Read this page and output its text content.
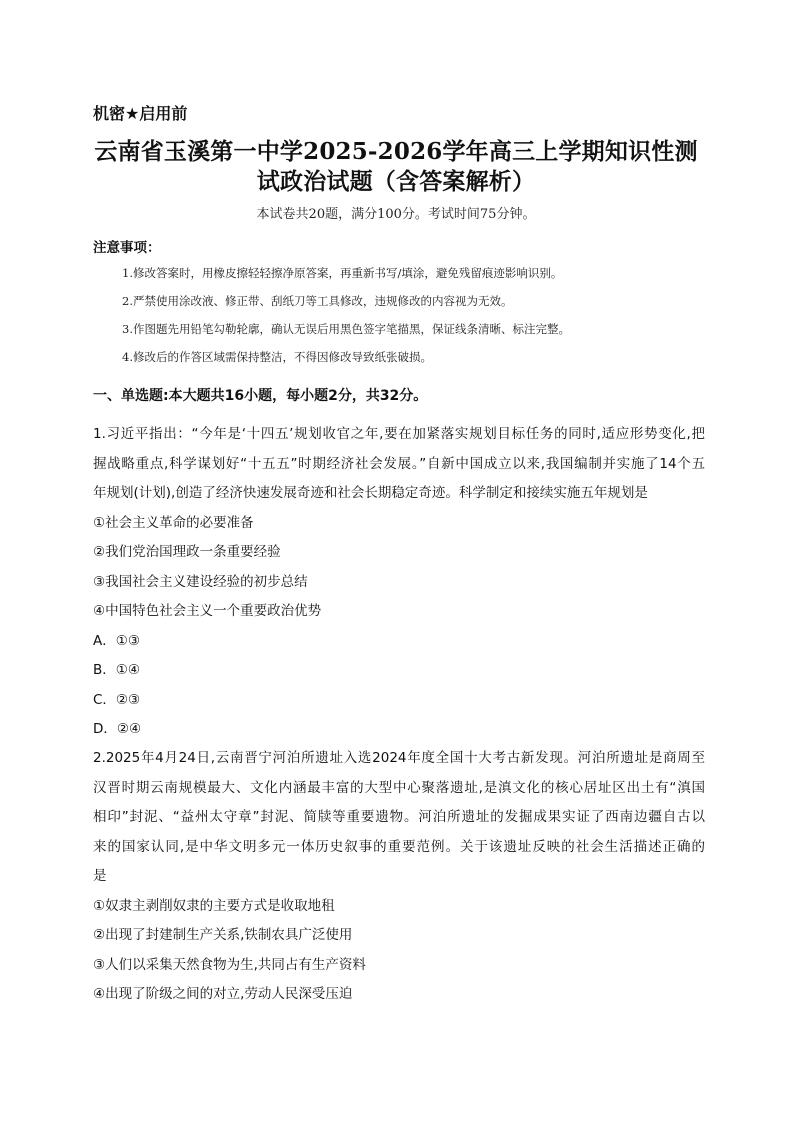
机密★启用前
云南省玉溪第一中学2025-2026学年高三上学期知识性测
试政治试题（含答案解析）
本试卷共20题，满分100分。考试时间75分钟。
注意事项：
1.修改答案时，用橡皮擦轻轻擦净原答案，再重新书写/填涂，避免残留痕迹影响识别。
2.严禁使用涂改液、修正带、刮纸刀等工具修改，违规修改的内容视为无效。
3.作图题先用铅笔勾勒轮廓，确认无误后用黑色签字笔描黑，保证线条清晰、标注完整。
4.修改后的作答区域需保持整洁，不得因修改导致纸张破损。
一、单选题:本大题共16小题，每小题2分，共32分。
1.习近平指出：“今年是‘十四五’规划收官之年,要在加紧落实规划目标任务的同时,适应形势变化,把
握战略重点,科学谋划好“十五五”时期经济社会发展。”自新中国成立以来,我国编制并实施了14个五
年规划(计划),创造了经济快速发展奇迹和社会长期稳定奇迹。科学制定和接续实施五年规划是
①社会主义革命的必要准备
②我们党治国理政一条重要经验
③我国社会主义建设经验的初步总结
④中国特色社会主义一个重要政治优势
A．①③
B．①④
C．②③
D．②④
2.2025年4月24日,云南晋宁河泊所遗址入选2024年度全国十大考古新发现。河泊所遗址是商周至
汉晋时期云南规模最大、文化内涵最丰富的大型中心聚落遗址,是滇文化的核心居址区出土有“滇国
相印”封泥、“益州太守章”封泥、简牍等重要遗物。河泊所遗址的发掘成果实证了西南边疆自古以
来的国家认同,是中华文明多元一体历史叙事的重要范例。关于该遗址反映的社会生活描述正确的
是
①奴隶主剥削奴隶的主要方式是收取地租
②出现了封建制生产关系,铁制农具广泛使用
③人们以采集天然食物为生,共同占有生产资料
④出现了阶级之间的对立,劳动人民深受压迫
